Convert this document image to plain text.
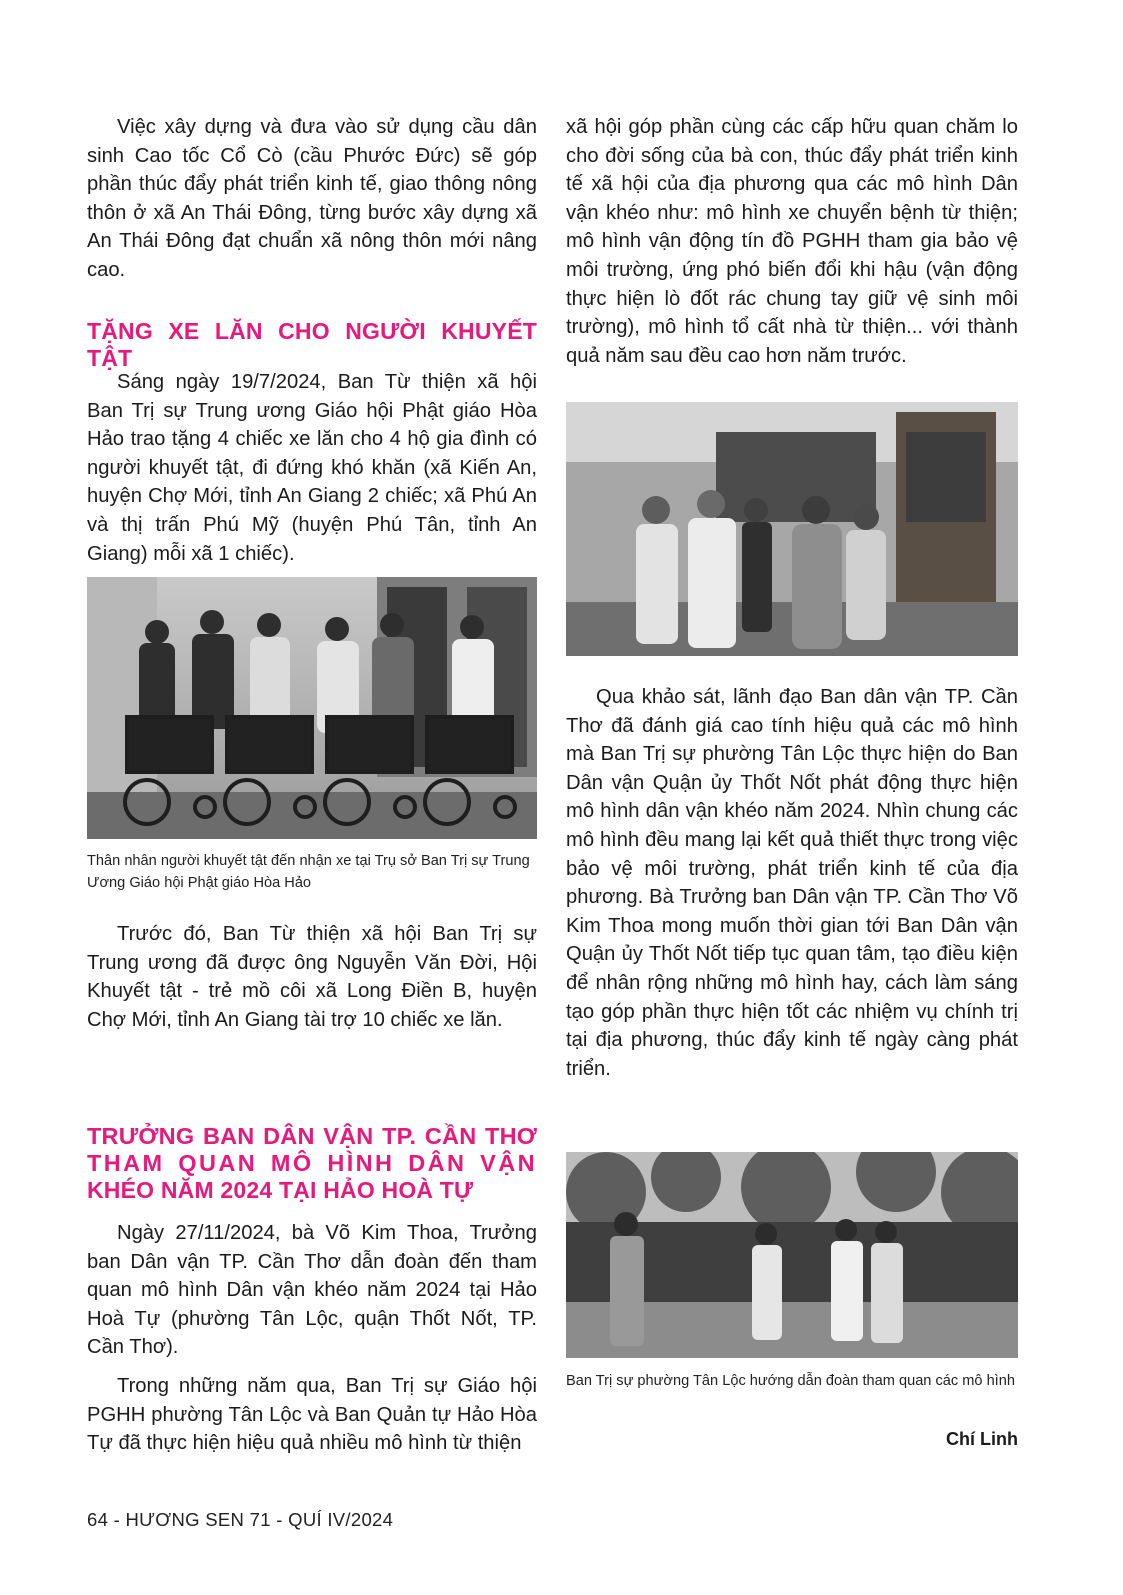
Việc xây dựng và đưa vào sử dụng cầu dân sinh Cao tốc Cổ Cò (cầu Phước Đức) sẽ góp phần thúc đẩy phát triển kinh tế, giao thông nông thôn ở xã An Thái Đông, từng bước xây dựng xã An Thái Đông đạt chuẩn xã nông thôn mới nâng cao.

TẶNG XE LĂN CHO NGƯỜI KHUYẾT TẬT

Sáng ngày 19/7/2024, Ban Từ thiện xã hội Ban Trị sự Trung ương Giáo hội Phật giáo Hòa Hảo trao tặng 4 chiếc xe lăn cho 4 hộ gia đình có người khuyết tật, đi đứng khó khăn (xã Kiến An, huyện Chợ Mới, tỉnh An Giang 2 chiếc; xã Phú An và thị trấn Phú Mỹ (huyện Phú Tân, tỉnh An Giang) mỗi xã 1 chiếc).

Thân nhân người khuyết tật đến nhận xe tại Trụ sở Ban Trị sự Trung Ương Giáo hội Phật giáo Hòa Hảo

Trước đó, Ban Từ thiện xã hội Ban Trị sự Trung ương đã được ông Nguyễn Văn Đời, Hội Khuyết tật - trẻ mồ côi xã Long Điền B, huyện Chợ Mới, tỉnh An Giang tài trợ 10 chiếc xe lăn.

TRƯỞNG BAN DÂN VẬN TP. CẦN THƠ

THAM QUAN MÔ HÌNH DÂN VẬN

KHÉO NĂM 2024 TẠI HẢO HOÀ TỰ

Ngày 27/11/2024, bà Võ Kim Thoa, Trưởng ban Dân vận TP. Cần Thơ dẫn đoàn đến tham quan mô hình Dân vận khéo năm 2024 tại Hảo Hoà Tự (phường Tân Lộc, quận Thốt Nốt, TP. Cần Thơ).

Trong những năm qua, Ban Trị sự Giáo hội PGHH phường Tân Lộc và Ban Quản tự Hảo Hòa Tự đã thực hiện hiệu quả nhiều mô hình từ thiện

xã hội góp phần cùng các cấp hữu quan chăm lo cho đời sống của bà con, thúc đẩy phát triển kinh tế xã hội của địa phương qua các mô hình Dân vận khéo như: mô hình xe chuyển bệnh từ thiện; mô hình vận động tín đồ PGHH tham gia bảo vệ môi trường, ứng phó biến đổi khi hậu (vận động thực hiện lò đốt rác chung tay giữ vệ sinh môi trường), mô hình tổ cất nhà từ thiện... với thành quả năm sau đều cao hơn năm trước.

Qua khảo sát, lãnh đạo Ban dân vận TP. Cần Thơ đã đánh giá cao tính hiệu quả các mô hình mà Ban Trị sự phường Tân Lộc thực hiện do Ban Dân vận Quận ủy Thốt Nốt phát động thực hiện mô hình dân vận khéo năm 2024. Nhìn chung các mô hình đều mang lại kết quả thiết thực trong việc bảo vệ môi trường, phát triển kinh tế của địa phương. Bà Trưởng ban Dân vận TP. Cần Thơ Võ Kim Thoa mong muốn thời gian tới Ban Dân vận Quận ủy Thốt Nốt tiếp tục quan tâm, tạo điều kiện để nhân rộng những mô hình hay, cách làm sáng tạo góp phần thực hiện tốt các nhiệm vụ chính trị tại địa phương, thúc đẩy kinh tế ngày càng phát triển.

Ban Trị sự phường Tân Lộc hướng dẫn đoàn tham quan các mô hình

Chí Linh
64 - HƯƠNG SEN 71 - QUÍ IV/2024
